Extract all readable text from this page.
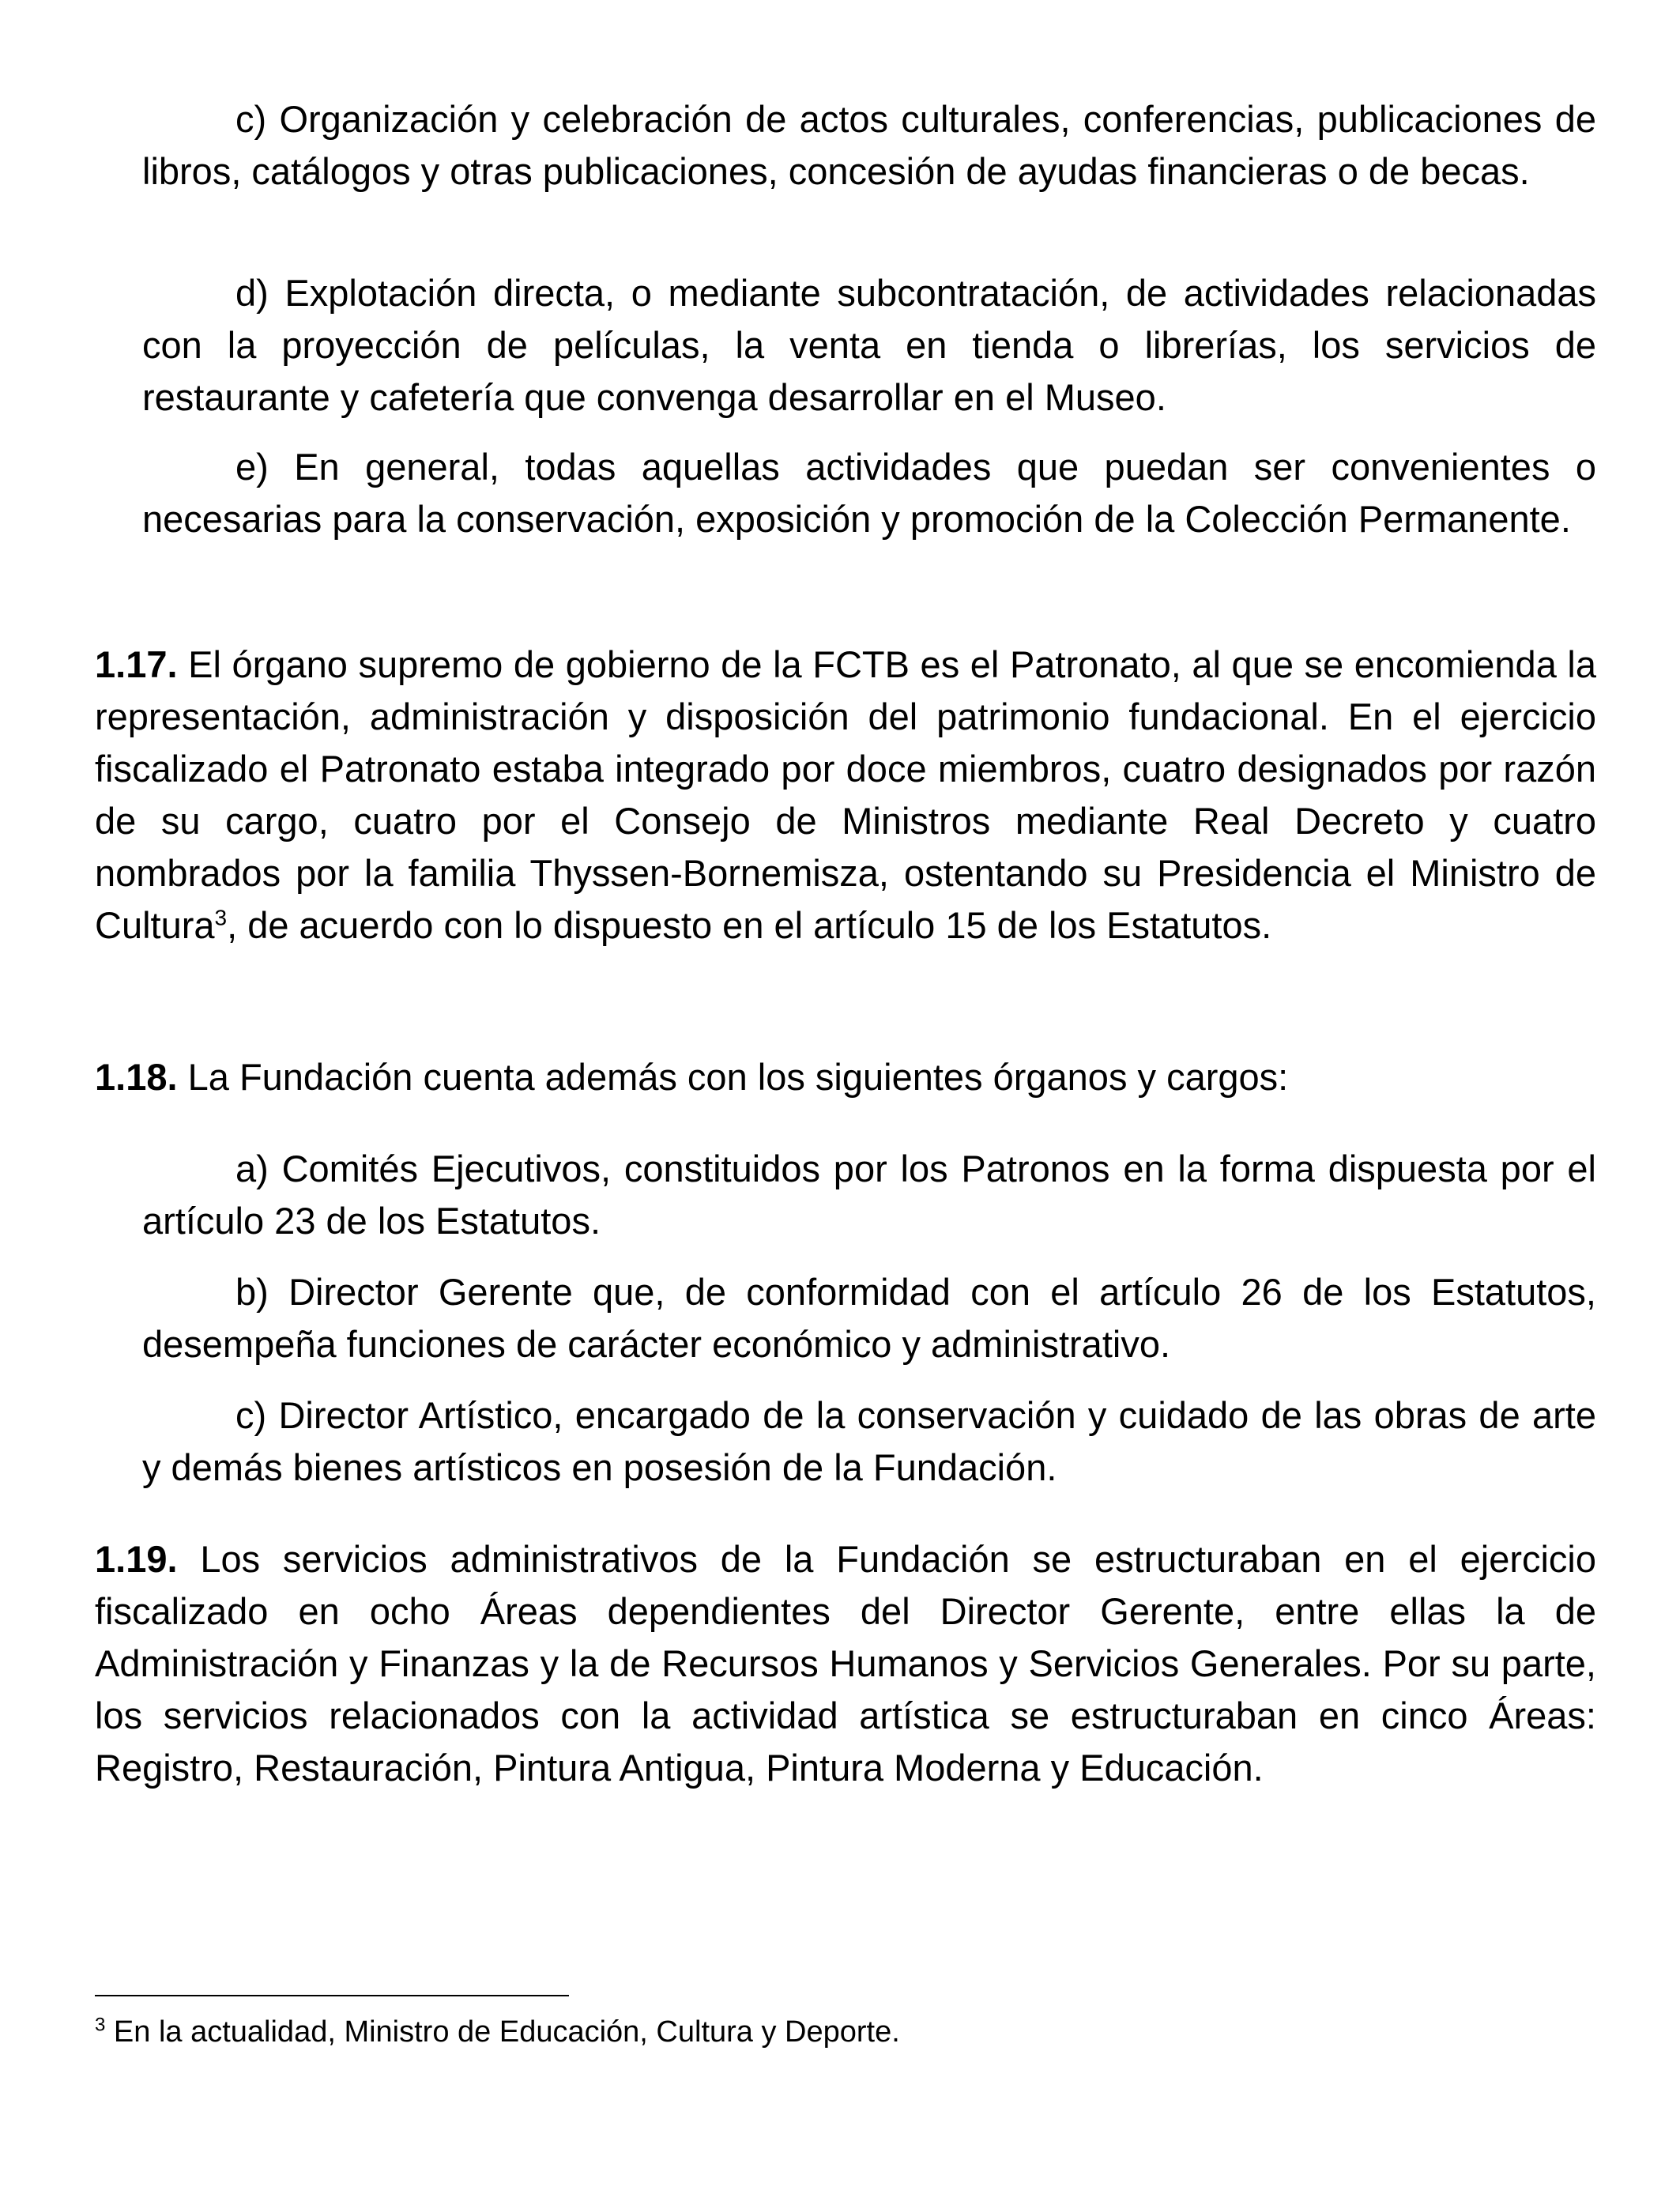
c) Organización y celebración de actos culturales, conferencias, publicaciones de libros, catálogos y otras publicaciones, concesión de ayudas financieras o de becas.

d) Explotación directa, o mediante subcontratación, de actividades relacionadas con la proyección de películas, la venta en tienda o librerías, los servicios de restaurante y cafetería que convenga desarrollar en el Museo.

e) En general, todas aquellas actividades que puedan ser convenientes o necesarias para la conservación, exposición y promoción de la Colección Permanente.

1.17. El órgano supremo de gobierno de la FCTB es el Patronato, al que se encomienda la representación, administración y disposición del patrimonio fundacional. En el ejercicio fiscalizado el Patronato estaba integrado por doce miembros, cuatro designados por razón de su cargo, cuatro por el Consejo de Ministros mediante Real Decreto y cuatro nombrados por la familia Thyssen-Bornemisza, ostentando su Presidencia el Ministro de Cultura$^3$, de acuerdo con lo dispuesto en el artículo 15 de los Estatutos.

1.18. La Fundación cuenta además con los siguientes órganos y cargos:

a) Comités Ejecutivos, constituidos por los Patronos en la forma dispuesta por el artículo 23 de los Estatutos.

b) Director Gerente que, de conformidad con el artículo 26 de los Estatutos, desempeña funciones de carácter económico y administrativo.

c) Director Artístico, encargado de la conservación y cuidado de las obras de arte y demás bienes artísticos en posesión de la Fundación.

1.19. Los servicios administrativos de la Fundación se estructuraban en el ejercicio fiscalizado en ocho Áreas dependientes del Director Gerente, entre ellas la de Administración y Finanzas y la de Recursos Humanos y Servicios Generales. Por su parte, los servicios relacionados con la actividad artística se estructuraban en cinco Áreas: Registro, Restauración, Pintura Antigua, Pintura Moderna y Educación.

$^3$ En la actualidad, Ministro de Educación, Cultura y Deporte.
